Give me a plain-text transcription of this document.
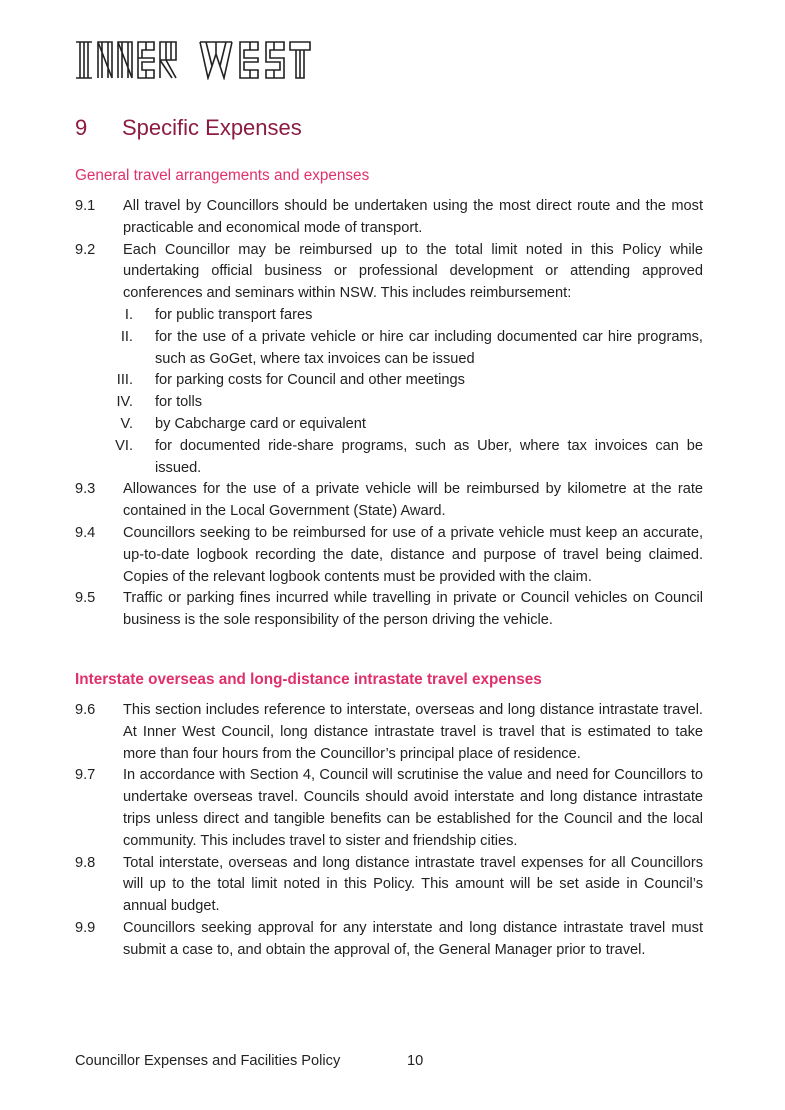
9 Specific Expenses
General travel arrangements and expenses
9.1 All travel by Councillors should be undertaken using the most direct route and the most practicable and economical mode of transport.
9.2 Each Councillor may be reimbursed up to the total limit noted in this Policy while undertaking official business or professional development or attending approved conferences and seminars within NSW. This includes reimbursement:
I. for public transport fares
II. for the use of a private vehicle or hire car including documented car hire programs, such as GoGet, where tax invoices can be issued
III. for parking costs for Council and other meetings
IV. for tolls
V. by Cabcharge card or equivalent
VI. for documented ride-share programs, such as Uber, where tax invoices can be issued.
9.3 Allowances for the use of a private vehicle will be reimbursed by kilometre at the rate contained in the Local Government (State) Award.
9.4 Councillors seeking to be reimbursed for use of a private vehicle must keep an accurate, up-to-date logbook recording the date, distance and purpose of travel being claimed. Copies of the relevant logbook contents must be provided with the claim.
9.5 Traffic or parking fines incurred while travelling in private or Council vehicles on Council business is the sole responsibility of the person driving the vehicle.
Interstate overseas and long-distance intrastate travel expenses
9.6 This section includes reference to interstate, overseas and long distance intrastate travel. At Inner West Council, long distance intrastate travel is travel that is estimated to take more than four hours from the Councillor’s principal place of residence.
9.7 In accordance with Section 4, Council will scrutinise the value and need for Councillors to undertake overseas travel. Councils should avoid interstate and long distance intrastate trips unless direct and tangible benefits can be established for the Council and the local community. This includes travel to sister and friendship cities.
9.8 Total interstate, overseas and long distance intrastate travel expenses for all Councillors will up to the total limit noted in this Policy. This amount will be set aside in Council’s annual budget.
9.9 Councillors seeking approval for any interstate and long distance intrastate travel must submit a case to, and obtain the approval of, the General Manager prior to travel.
Councillor Expenses and Facilities Policy	10
